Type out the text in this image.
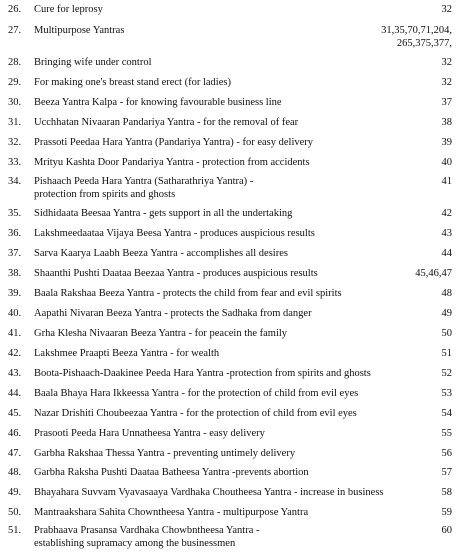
26.	Cure for leprosy	32
27.	Multipurpose Yantras	31,35,70,71,204,
265,375,377,
28.	Bringing wife under control	32
29.	For making one's breast stand erect (for ladies)	32
30.	Beeza Yantra Kalpa - for knowing favourable business line	37
31.	Ucchhatan Nivaaran Pandariya Yantra - for the removal of fear	38
32.	Prassoti Peedaa Hara Yantra (Pandariya Yantra) - for easy delivery	39
33.	Mrityu Kashta Door Pandariya Yantra - protection from accidents	40
34.	Pishaach Peeda Hara Yantra (Satharathriya Yantra) -
protection from spirits and ghosts
41
35.	Sidhidaata Beesaa Yantra - gets support in all the undertaking	42
36.	Lakshmeedaataa Vijaya Beesa Yantra - produces auspicious results	43
37.	Sarva Kaarya Laabh Beeza Yantra - accomplishes all desires	44
38.	Shaanthi Pushti Daataa Beezaa Yantra - produces auspicious results	45,46,47
39.	Baala Rakshaa Beeza Yantra - protects the child from fear and evil spirits	48
40.	Aapathi Nivaran Beeza Yantra - protects the Sadhaka from danger	49
41.	Grha Klesha Nivaaran Beeza Yantra - for peacein the family	50
42.	Lakshmee Praapti Beeza Yantra - for wealth	51
43.	Boota-Pishaach-Daakinee Peeda Hara Yantra -protection from spirits and ghosts	52
44.	Baala Bhaya Hara Ikkeessa Yantra - for the protection of child from evil eyes	53
45.	Nazar Drishiti Choubeezaa Yantra - for the protection of child from evil eyes	54
46.	Prasooti Peeda Hara Unnatheesa Yantra - easy delivery	55
47.	Garbha Rakshaa Thessa Yantra - preventing untimely delivery	56
48.	Garbha Raksha Pushti Daataa Batheesa Yantra -prevents abortion	57
49.	Bhayahara Suvvam Vyavasaaya Vardhaka Choutheesa Yantra - increase in business	58
50.	Mantraakshara Sahita Chowntheesa Yantra - multipurpose Yantra	59
51.	Prabhaava Prasansa Vardhaka Chowbntheesa Yantra -
establishing supramacy among the businessmen
60
